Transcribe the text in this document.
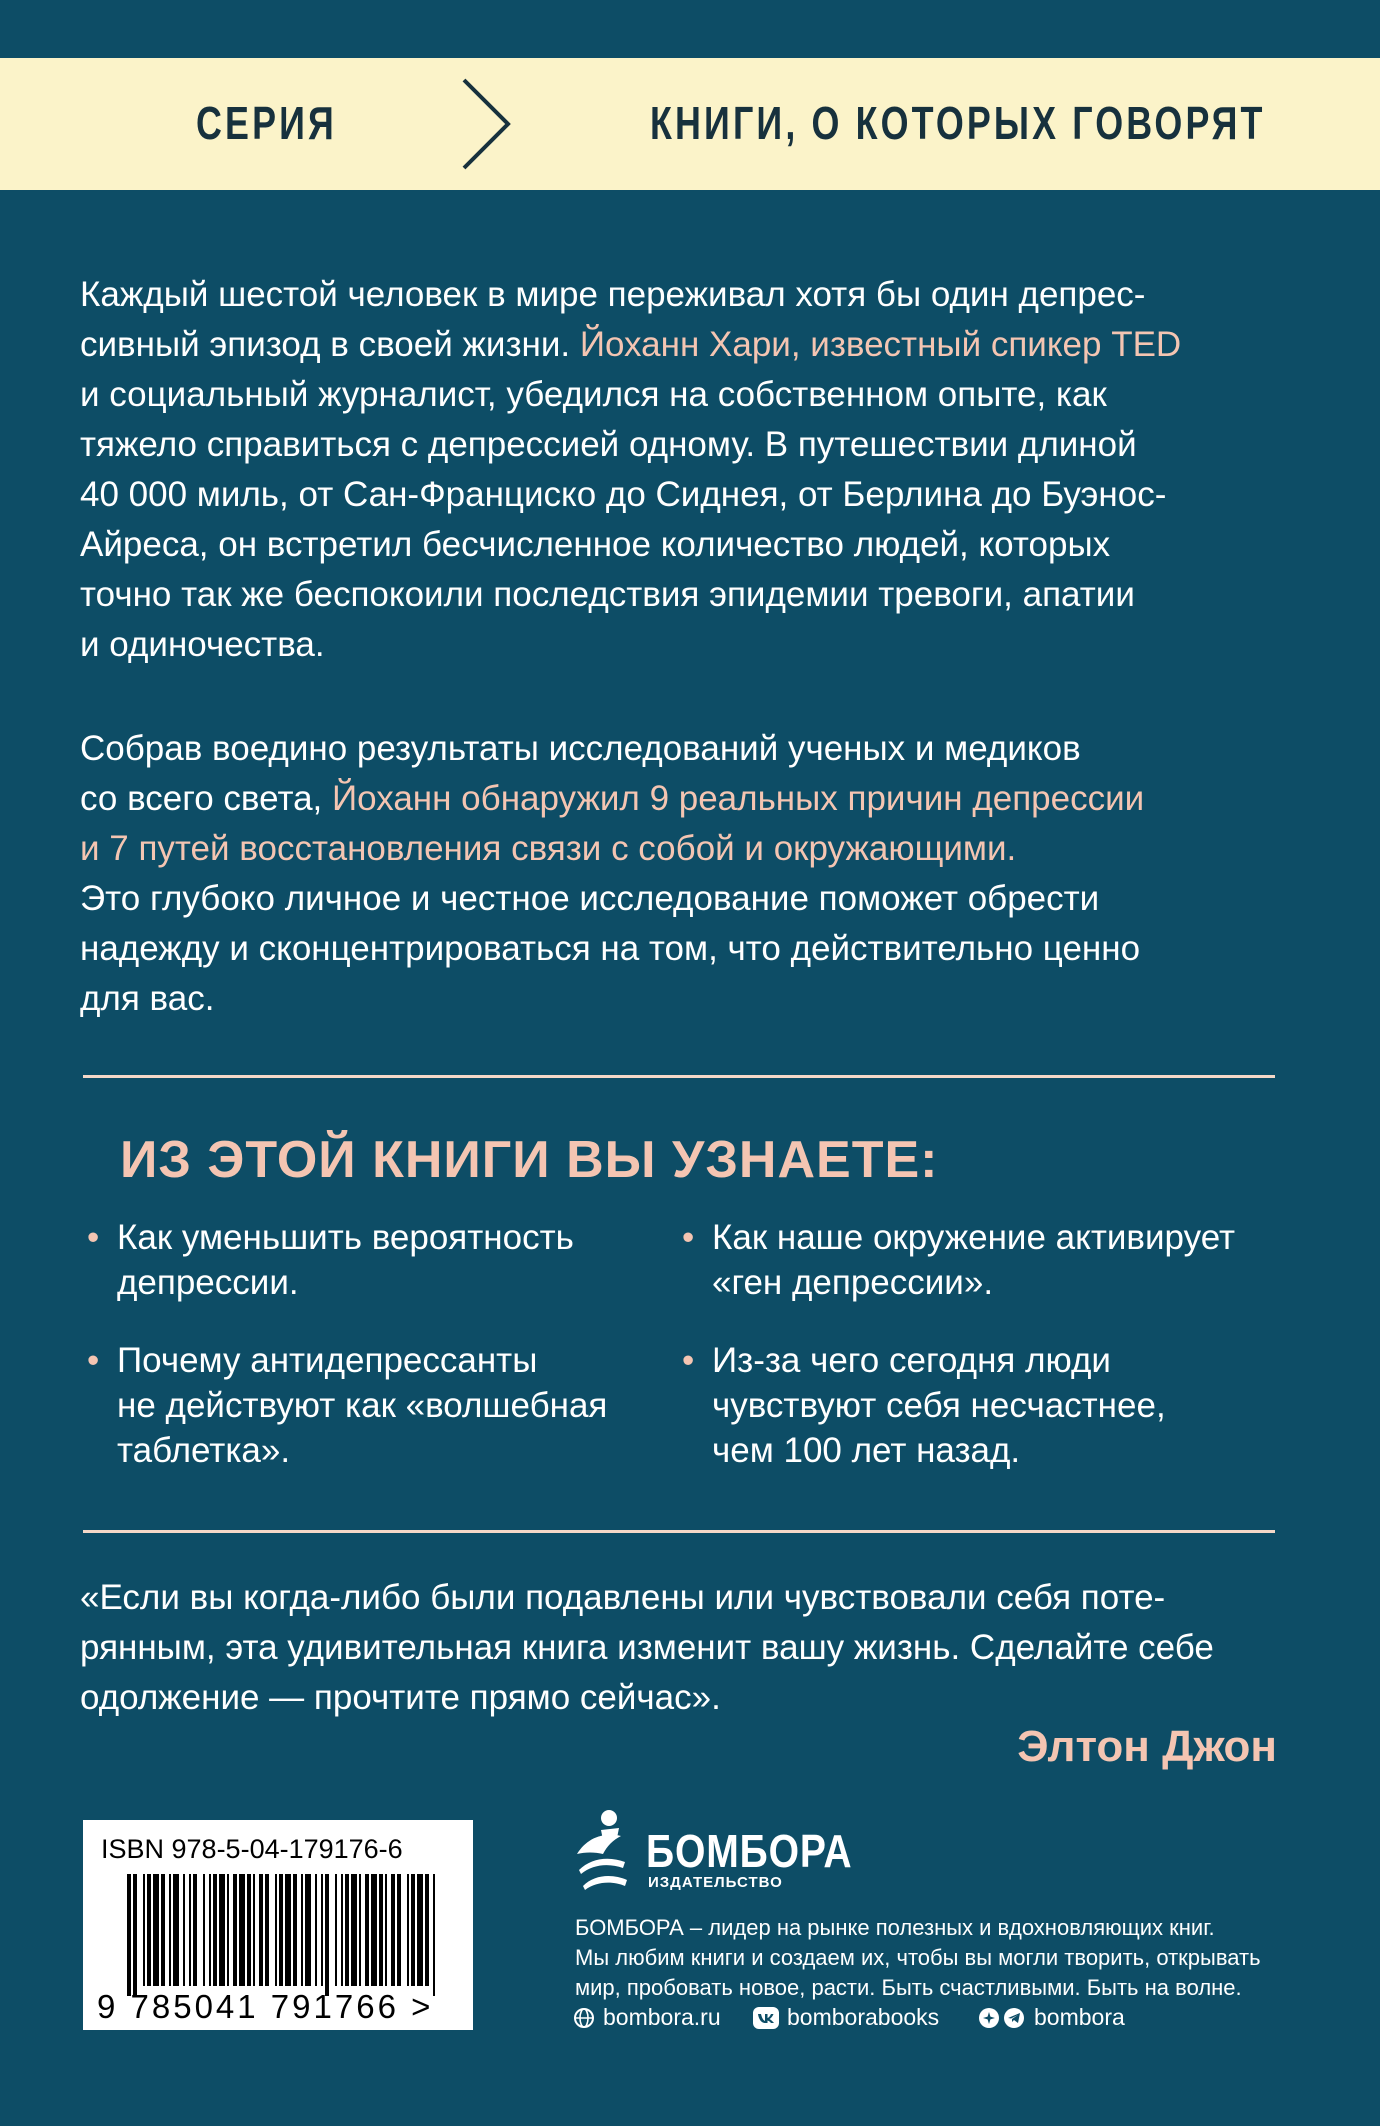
СЕРИЯ	КНИГИ, О КОТОРЫХ ГОВОРЯТ

Каждый шестой человек в мире переживал хотя бы один депрес-
сивный эпизод в своей жизни. Йоханн Хари, известный спикер TED
и социальный журналист, убедился на собственном опыте, как
тяжело справиться с депрессией одному. В путешествии длиной
40 000 миль, от Сан-Франциско до Сиднея, от Берлина до Буэнос-
Айреса, он встретил бесчисленное количество людей, которых
точно так же беспокоили последствия эпидемии тревоги, апатии
и одиночества.

Собрав воедино результаты исследований ученых и медиков
со всего света, Йоханн обнаружил 9 реальных причин депрессии
и 7 путей восстановления связи с собой и окружающими.
Это глубоко личное и честное исследование поможет обрести
надежду и сконцентрироваться на том, что действительно ценно
для вас.

ИЗ ЭТОЙ КНИГИ ВЫ УЗНАЕТЕ:
• Как уменьшить вероятность
депрессии.
• Как наше окружение активирует
«ген депрессии».
• Почему антидепрессанты
не действуют как «волшебная
таблетка».
• Из-за чего сегодня люди
чувствуют себя несчастнее,
чем 100 лет назад.

«Если вы когда-либо были подавлены или чувствовали себя поте-
рянным, эта удивительная книга изменит вашу жизнь. Сделайте себе
одолжение — прочтите прямо сейчас».

Элтон Джон
ISBN 978-5-04-179176-6
9 785041 791766 >
БОМБОРА
ИЗДАТЕЛЬСТВО

БОМБОРА – лидер на рынке полезных и вдохновляющих книг.
Мы любим книги и создаем их, чтобы вы могли творить, открывать
мир, пробовать новое, расти. Быть счастливыми. Быть на волне.

bombora.ru	bomborabooks	bombora
